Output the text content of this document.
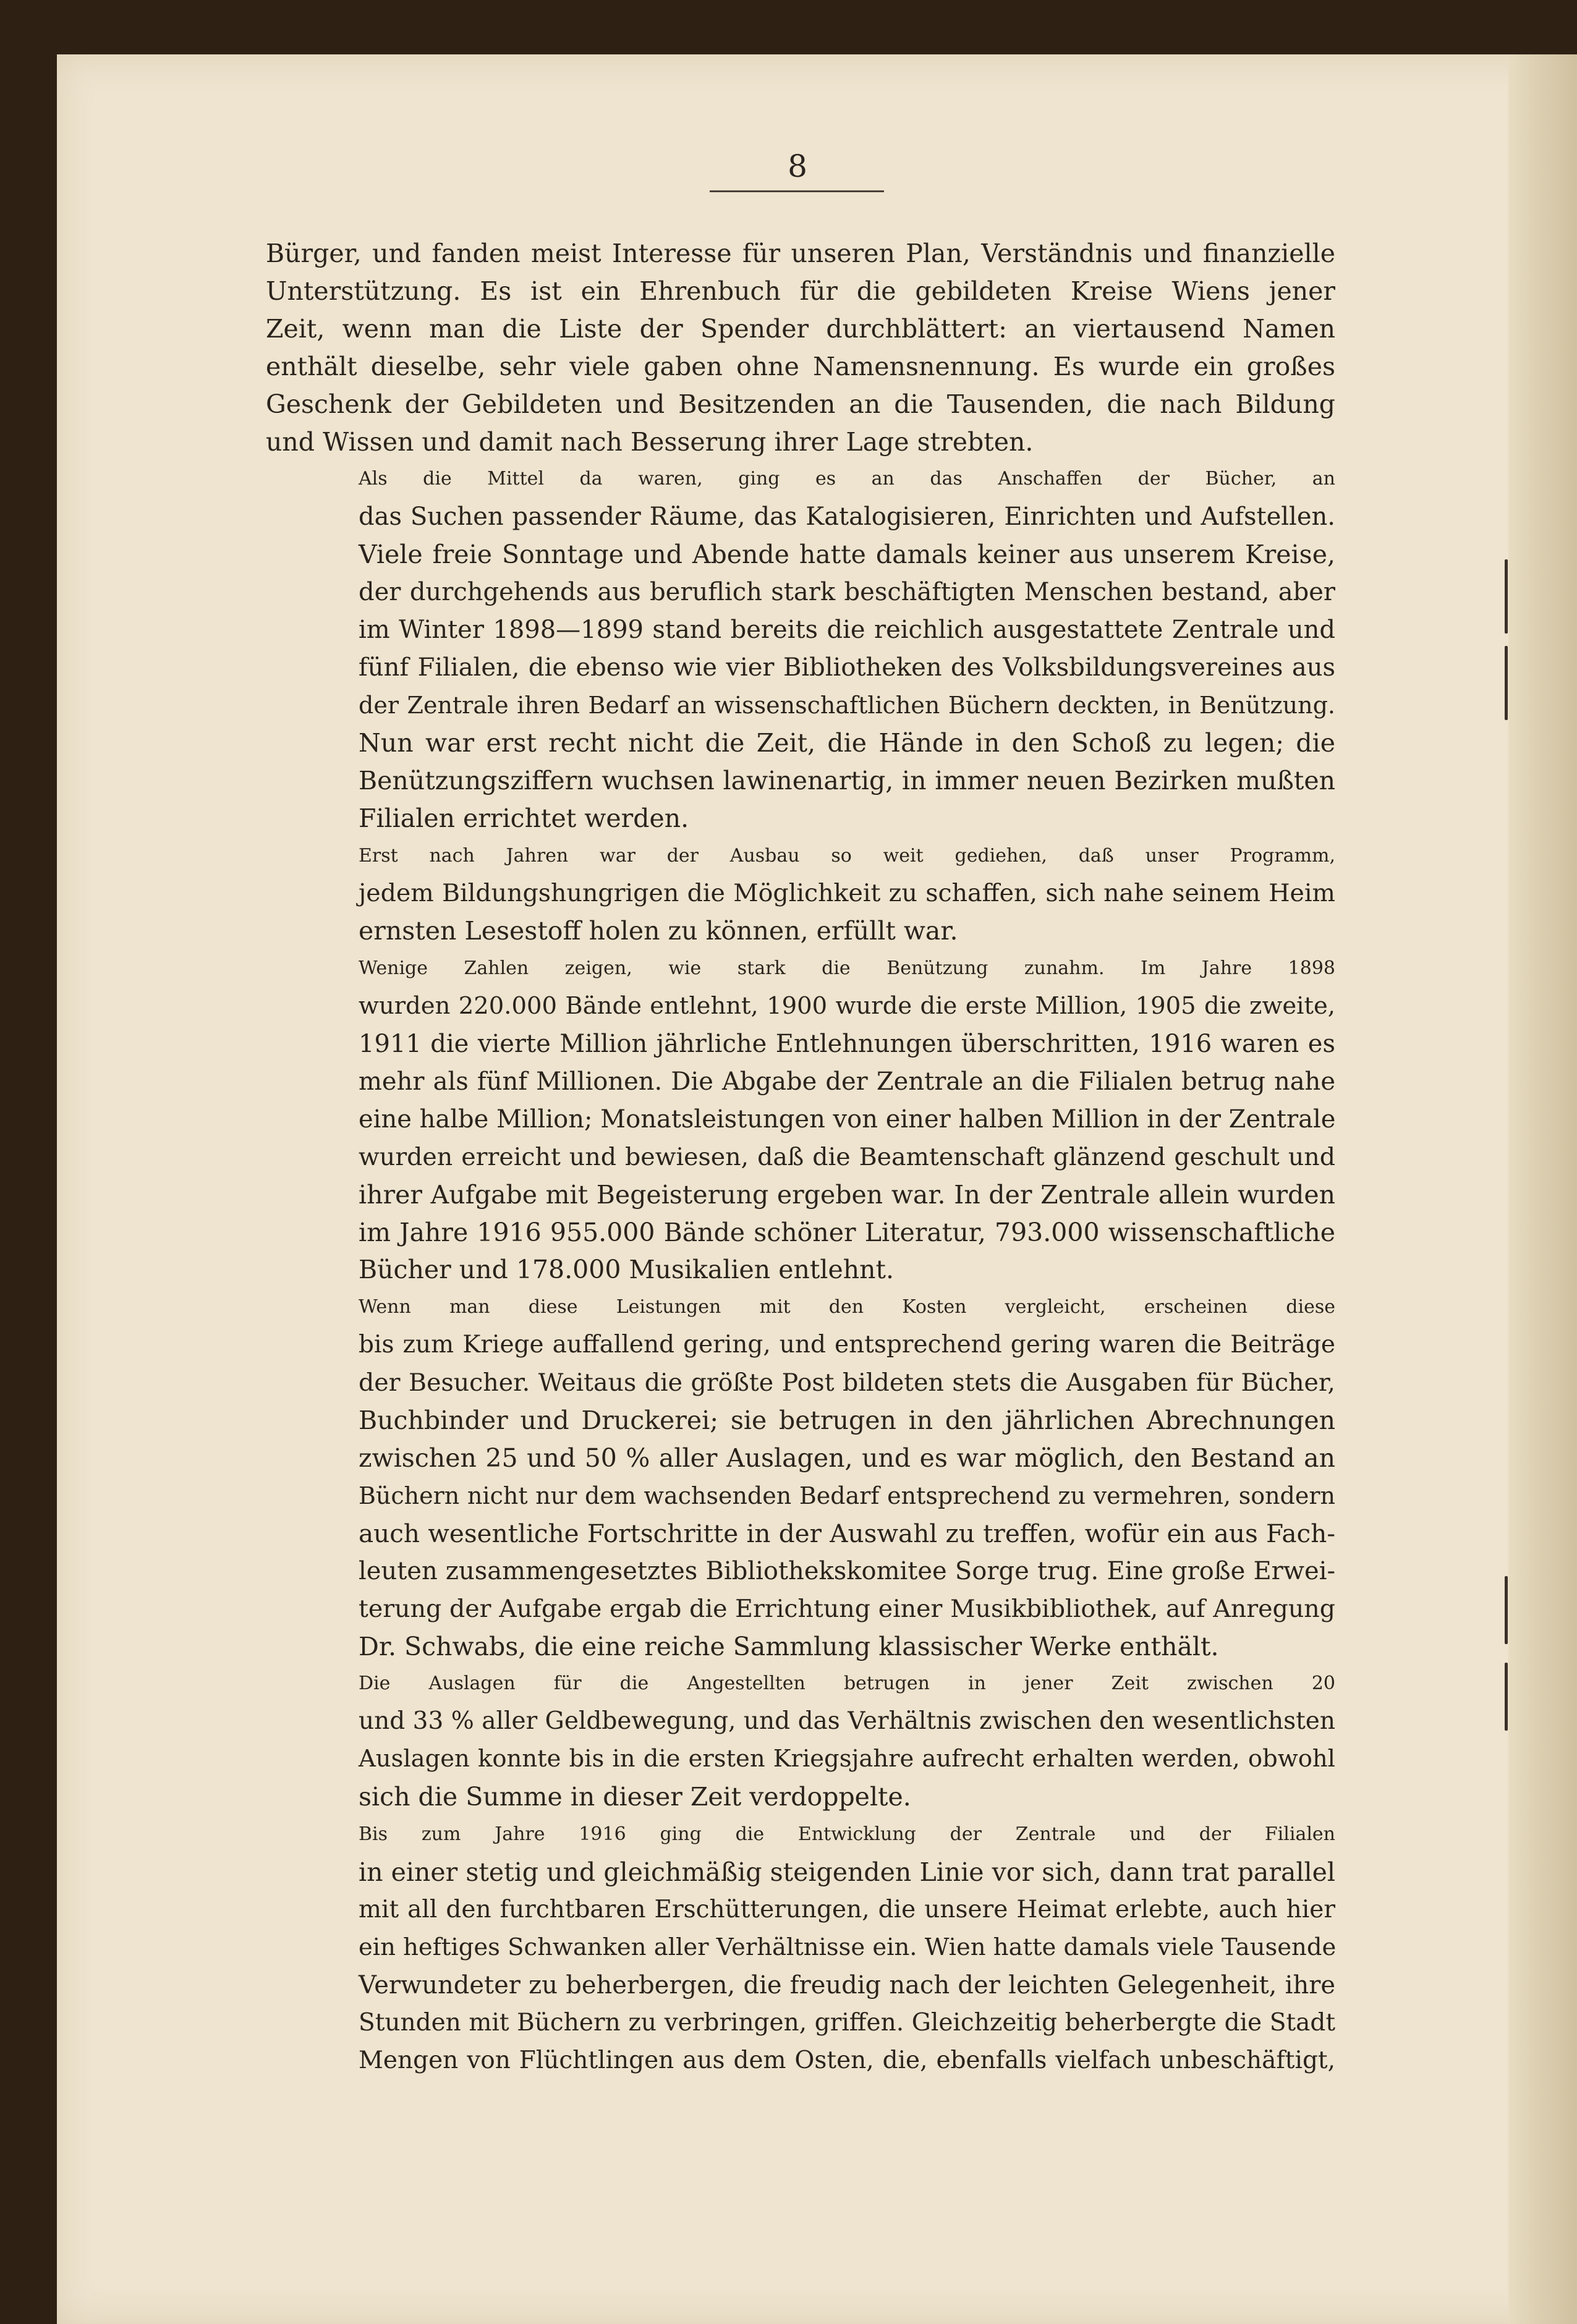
8

Bürger, und fanden meist Interesse für unseren Plan, Verständnis und finanzielle
Unterstützung. Es ist ein Ehrenbuch für die gebildeten Kreise Wiens jener
Zeit, wenn man die Liste der Spender durchblättert: an viertausend Namen
enthält dieselbe, sehr viele gaben ohne Namensnennung. Es wurde ein großes
Geschenk der Gebildeten und Besitzenden an die Tausenden, die nach Bildung
und Wissen und damit nach Besserung ihrer Lage strebten.

Als die Mittel da waren, ging es an das Anschaffen der Bücher, an
das Suchen passender Räume, das Katalogisieren, Einrichten und Aufstellen.
Viele freie Sonntage und Abende hatte damals keiner aus unserem Kreise,
der durchgehends aus beruflich stark beschäftigten Menschen bestand, aber
im Winter 1898—1899 stand bereits die reichlich ausgestattete Zentrale und
fünf Filialen, die ebenso wie vier Bibliotheken des Volksbildungsvereines aus
der Zentrale ihren Bedarf an wissenschaftlichen Büchern deckten, in Benützung.
Nun war erst recht nicht die Zeit, die Hände in den Schoß zu legen; die
Benützungsziffern wuchsen lawinenartig, in immer neuen Bezirken mußten
Filialen errichtet werden.

Erst nach Jahren war der Ausbau so weit gediehen, daß unser Programm,
jedem Bildungshungrigen die Möglichkeit zu schaffen, sich nahe seinem Heim
ernsten Lesestoff holen zu können, erfüllt war.

Wenige Zahlen zeigen, wie stark die Benützung zunahm. Im Jahre 1898
wurden 220.000 Bände entlehnt, 1900 wurde die erste Million, 1905 die zweite,
1911 die vierte Million jährliche Entlehnungen überschritten, 1916 waren es
mehr als fünf Millionen. Die Abgabe der Zentrale an die Filialen betrug nahe
eine halbe Million; Monatsleistungen von einer halben Million in der Zentrale
wurden erreicht und bewiesen, daß die Beamtenschaft glänzend geschult und
ihrer Aufgabe mit Begeisterung ergeben war. In der Zentrale allein wurden
im Jahre 1916 955.000 Bände schöner Literatur, 793.000 wissenschaftliche
Bücher und 178.000 Musikalien entlehnt.

Wenn man diese Leistungen mit den Kosten vergleicht, erscheinen diese
bis zum Kriege auffallend gering, und entsprechend gering waren die Beiträge
der Besucher. Weitaus die größte Post bildeten stets die Ausgaben für Bücher,
Buchbinder und Druckerei; sie betrugen in den jährlichen Abrechnungen
zwischen 25 und 50 % aller Auslagen, und es war möglich, den Bestand an
Büchern nicht nur dem wachsenden Bedarf entsprechend zu vermehren, sondern
auch wesentliche Fortschritte in der Auswahl zu treffen, wofür ein aus Fach-
leuten zusammengesetztes Bibliothekskomitee Sorge trug. Eine große Erwei-
terung der Aufgabe ergab die Errichtung einer Musikbibliothek, auf Anregung
Dr. Schwabs, die eine reiche Sammlung klassischer Werke enthält.

Die Auslagen für die Angestellten betrugen in jener Zeit zwischen 20
und 33 % aller Geldbewegung, und das Verhältnis zwischen den wesentlichsten
Auslagen konnte bis in die ersten Kriegsjahre aufrecht erhalten werden, obwohl
sich die Summe in dieser Zeit verdoppelte.

Bis zum Jahre 1916 ging die Entwicklung der Zentrale und der Filialen
in einer stetig und gleichmäßig steigenden Linie vor sich, dann trat parallel
mit all den furchtbaren Erschütterungen, die unsere Heimat erlebte, auch hier
ein heftiges Schwanken aller Verhältnisse ein. Wien hatte damals viele Tausende
Verwundeter zu beherbergen, die freudig nach der leichten Gelegenheit, ihre
Stunden mit Büchern zu verbringen, griffen. Gleichzeitig beherbergte die Stadt
Mengen von Flüchtlingen aus dem Osten, die, ebenfalls vielfach unbeschäftigt,
